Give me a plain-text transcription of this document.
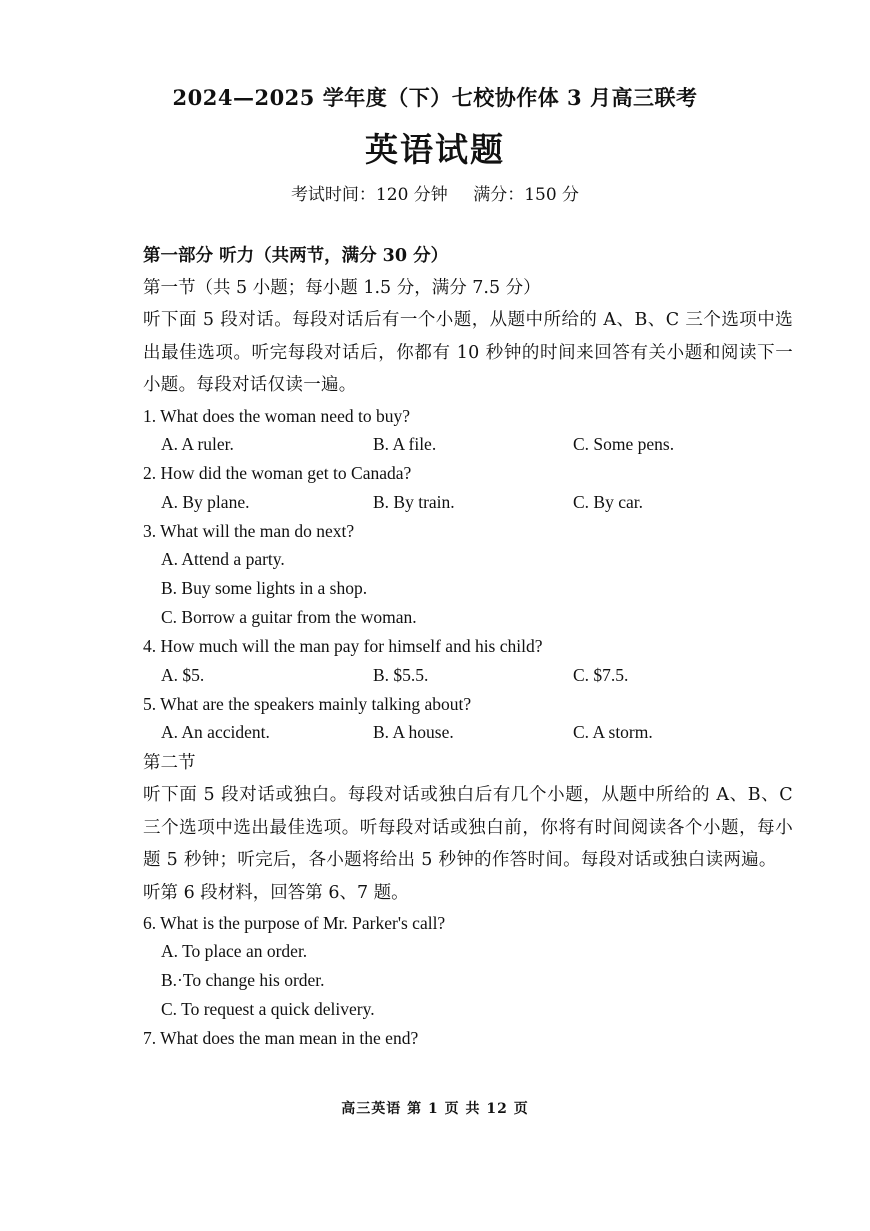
2024—2025 学年度（下）七校协作体 3 月高三联考
英语试题
考试时间：120 分钟 满分：150 分
第一部分 听力（共两节，满分 30 分）
第一节（共 5 小题；每小题 1.5 分，满分 7.5 分）
听下面 5 段对话。每段对话后有一个小题，从题中所给的 A、B、C 三个选项中选出最佳选项。听完每段对话后，你都有 10 秒钟的时间来回答有关小题和阅读下一小题。每段对话仅读一遍。
1. What does the woman need to buy?
A. A ruler.	B. A file.	C. Some pens.
2. How did the woman get to Canada?
A. By plane.	B. By train.	C. By car.
3. What will the man do next?
A. Attend a party.
B. Buy some lights in a shop.
C. Borrow a guitar from the woman.
4. How much will the man pay for himself and his child?
A. $5.	B. $5.5.	C. $7.5.
5. What are the speakers mainly talking about?
A. An accident.	B. A house.	C. A storm.
第二节
听下面 5 段对话或独白。每段对话或独白后有几个小题，从题中所给的 A、B、C 三个选项中选出最佳选项。听每段对话或独白前，你将有时间阅读各个小题，每小题 5 秒钟；听完后，各小题将给出 5 秒钟的作答时间。每段对话或独白读两遍。
听第 6 段材料，回答第 6、7 题。
6. What is the purpose of Mr. Parker's call?
A. To place an order.
B.·To change his order.
C. To request a quick delivery.
7. What does the man mean in the end?
高三英语 第 1 页 共 12 页
